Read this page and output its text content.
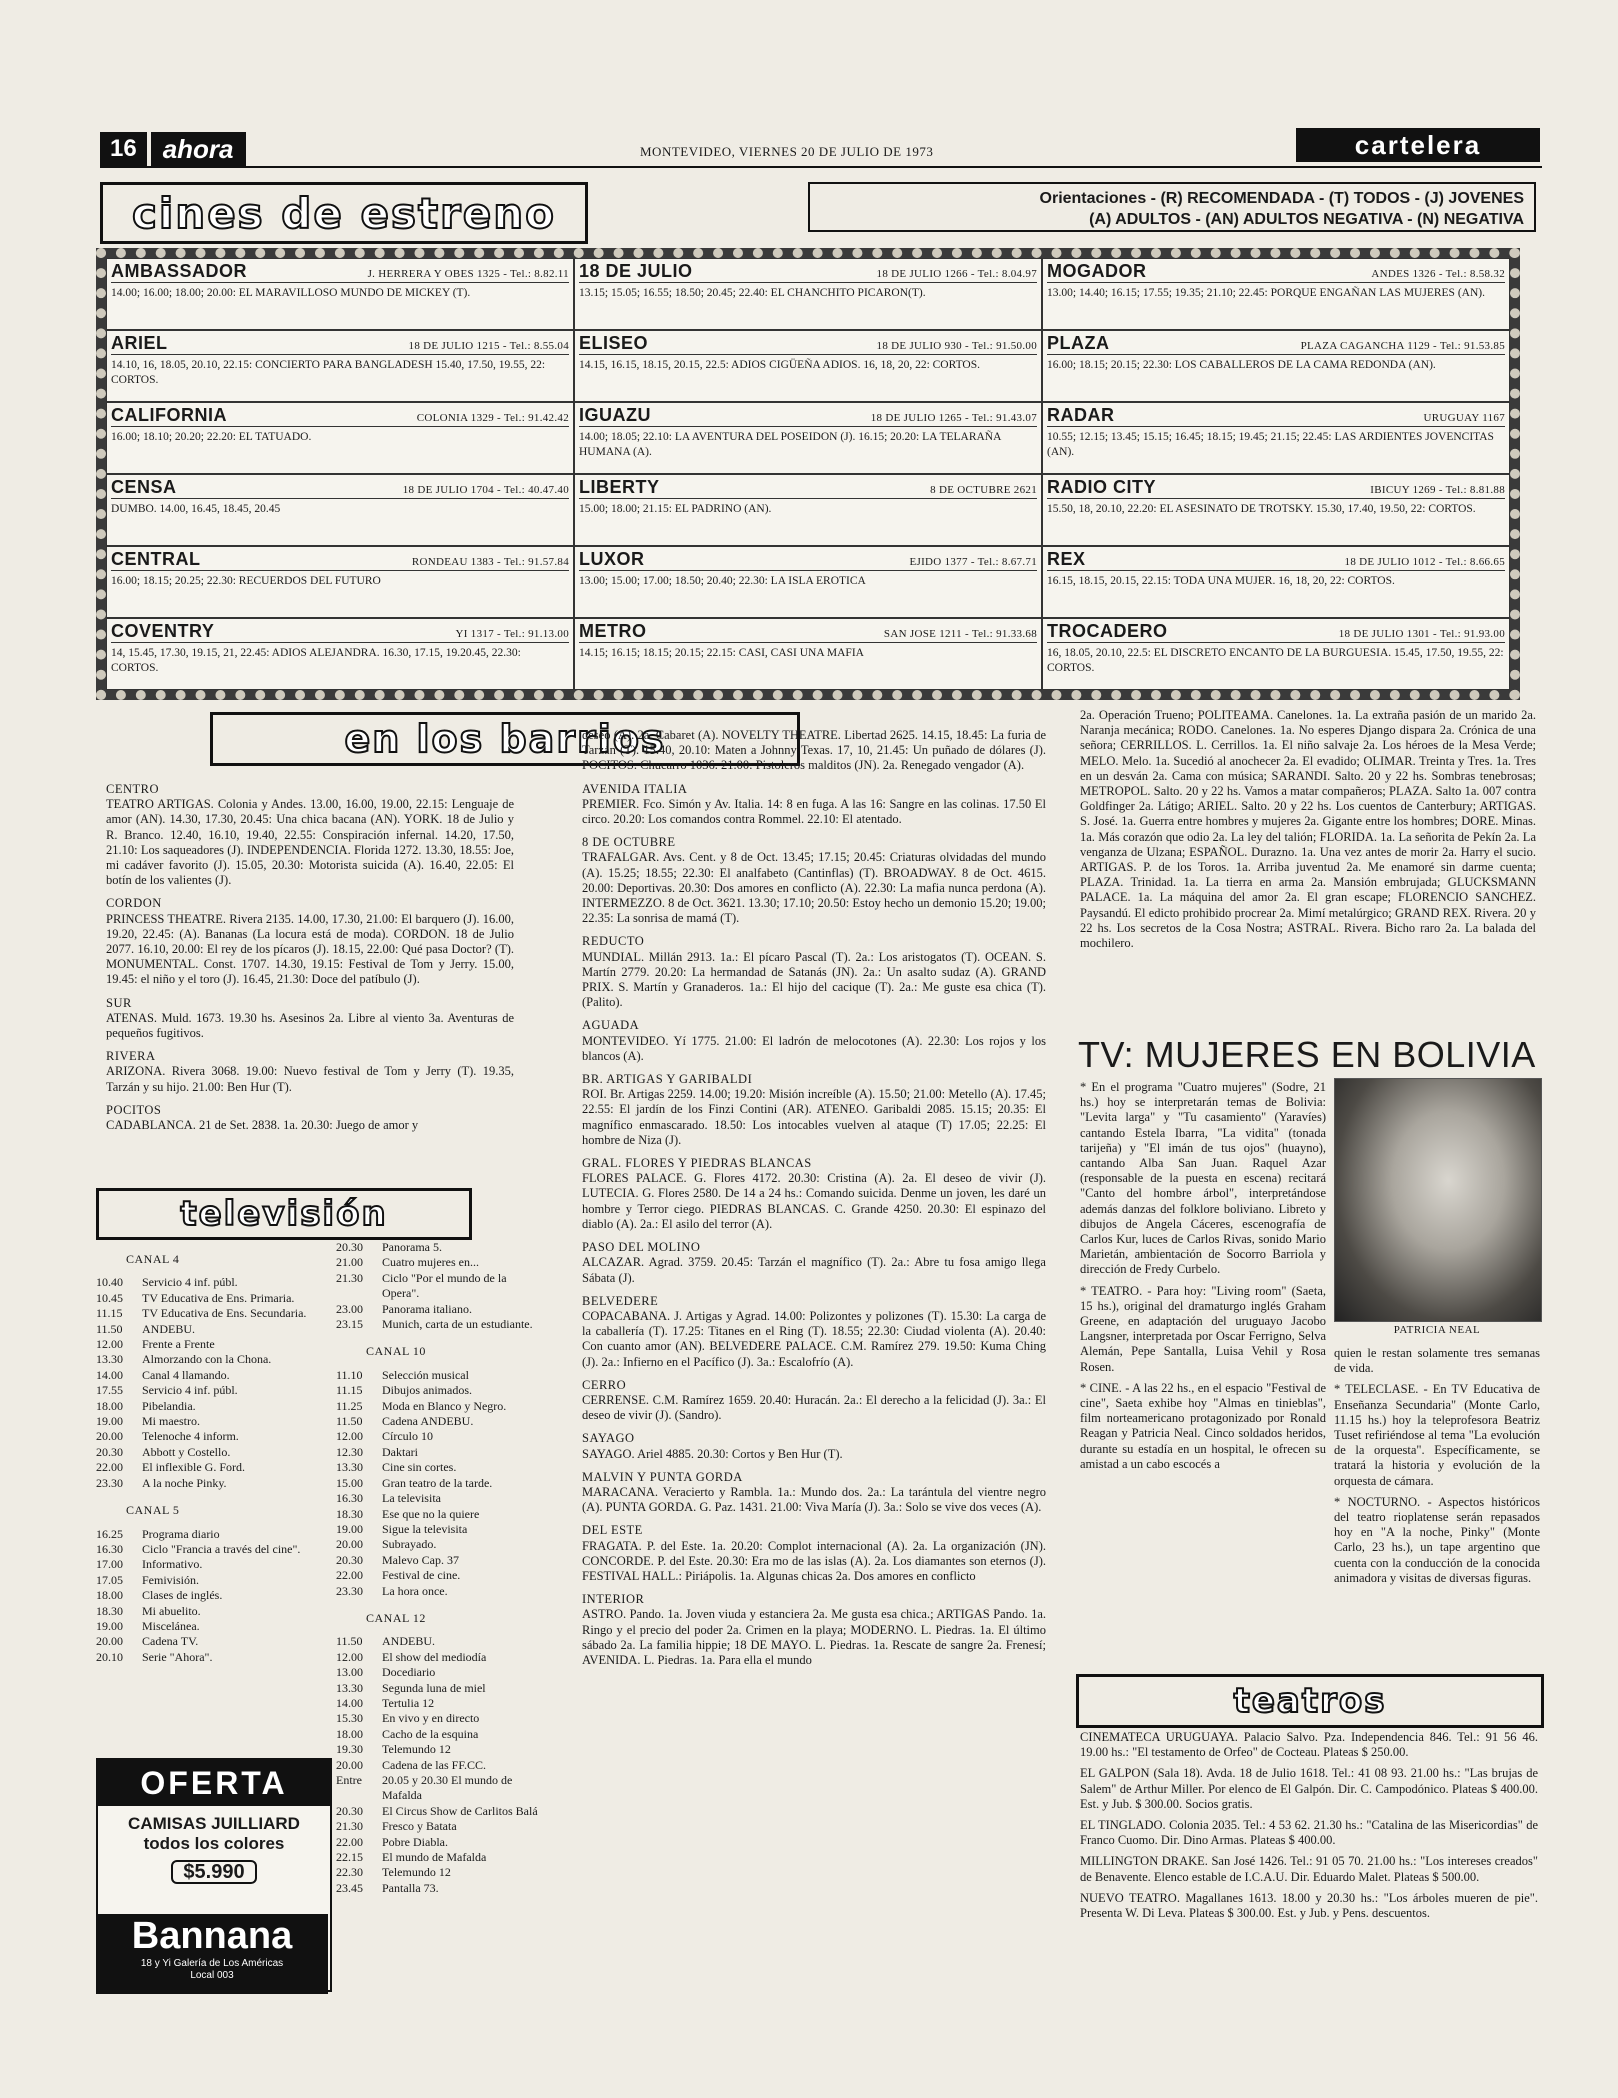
16	ahora	MONTEVIDEO, VIERNES 20 DE JULIO DE 1973	cartelera
cines de estreno	Orientaciones - (R) RECOMENDADA - (T) TODOS - (J) JOVENES
(A) ADULTOS - (AN) ADULTOS NEGATIVA - (N) NEGATIVA
AMBASSADOR	J. HERRERA Y OBES 1325 - Tel.: 8.82.11
14.00; 16.00; 18.00; 20.00: EL MARAVILLOSO MUNDO DE MICKEY (T).
18 DE JULIO	18 DE JULIO 1266 - Tel.: 8.04.97
13.15; 15.05; 16.55; 18.50; 20.45; 22.40: EL CHANCHITO PICARON(T).
MOGADOR	ANDES 1326 - Tel.: 8.58.32
13.00; 14.40; 16.15; 17.55; 19.35; 21.10; 22.45: PORQUE ENGAÑAN LAS MUJERES (AN).
ARIEL	18 DE JULIO 1215 - Tel.: 8.55.04
14.10, 16, 18.05, 20.10, 22.15: CONCIERTO PARA BANGLADESH 15.40, 17.50, 19.55, 22: CORTOS.
ELISEO	18 DE JULIO 930 - Tel.: 91.50.00
14.15, 16.15, 18.15, 20.15, 22.5: ADIOS CIGÜEÑA ADIOS. 16, 18, 20, 22: CORTOS.
PLAZA	PLAZA CAGANCHA 1129 - Tel.: 91.53.85
16.00; 18.15; 20.15; 22.30: LOS CABALLEROS DE LA CAMA REDONDA (AN).
CALIFORNIA	COLONIA 1329 - Tel.: 91.42.42
16.00; 18.10; 20.20; 22.20: EL TATUADO.
IGUAZU	18 DE JULIO 1265 - Tel.: 91.43.07
14.00; 18.05; 22.10: LA AVENTURA DEL POSEIDON (J). 16.15; 20.20: LA TELARAÑA HUMANA (A).
RADAR	URUGUAY 1167
10.55; 12.15; 13.45; 15.15; 16.45; 18.15; 19.45; 21.15; 22.45: LAS ARDIENTES JOVENCITAS (AN).
CENSA	18 DE JULIO 1704 - Tel.: 40.47.40
DUMBO. 14.00, 16.45, 18.45, 20.45
LIBERTY	8 DE OCTUBRE 2621
15.00; 18.00; 21.15: EL PADRINO (AN).
RADIO CITY	IBICUY 1269 - Tel.: 8.81.88
15.50, 18, 20.10, 22.20: EL ASESINATO DE TROTSKY. 15.30, 17.40, 19.50, 22: CORTOS.
CENTRAL	RONDEAU 1383 - Tel.: 91.57.84
16.00; 18.15; 20.25; 22.30: RECUERDOS DEL FUTURO
LUXOR	EJIDO 1377 - Tel.: 8.67.71
13.00; 15.00; 17.00; 18.50; 20.40; 22.30: LA ISLA EROTICA
REX	18 DE JULIO 1012 - Tel.: 8.66.65
16.15, 18.15, 20.15, 22.15: TODA UNA MUJER. 16, 18, 20, 22: CORTOS.
COVENTRY	YI 1317 - Tel.: 91.13.00
14, 15.45, 17.30, 19.15, 21, 22.45: ADIOS ALEJANDRA. 16.30, 17.15, 19.20.45, 22.30: CORTOS.
METRO	SAN JOSE 1211 - Tel.: 91.33.68
14.15; 16.15; 18.15; 20.15; 22.15: CASI, CASI UNA MAFIA
TROCADERO	18 DE JULIO 1301 - Tel.: 91.93.00
16, 18.05, 20.10, 22.5: EL DISCRETO ENCANTO DE LA BURGUESIA. 15.45, 17.50, 19.55, 22: CORTOS.
en los barrios
CENTRO
TEATRO ARTIGAS. Colonia y Andes. 13.00, 16.00, 19.00, 22.15: Lenguaje de amor (AN). 14.30, 17.30, 20.45: Una chica bacana (AN). YORK. 18 de Julio y R. Branco. 12.40, 16.10, 19.40, 22.55: Conspiración infernal. 14.20, 17.50, 21.10: Los saqueadores (J). INDEPENDENCIA. Florida 1272. 13.30, 18.55: Joe, mi cadáver favorito (J). 15.05, 20.30: Motorista suicida (A). 16.40, 22.05: El botín de los valientes (J).
CORDON
PRINCESS THEATRE. Rivera 2135. 14.00, 17.30, 21.00: El barquero (J). 16.00, 19.20, 22.45: (A). Bananas (La locura está de moda). CORDON. 18 de Julio 2077. 16.10, 20.00: El rey de los pícaros (J). 18.15, 22.00: Qué pasa Doctor? (T). MONUMENTAL. Const. 1707. 14.30, 19.15: Festival de Tom y Jerry. 15.00, 19.45: el niño y el toro (J). 16.45, 21.30: Doce del patíbulo (J).
SUR
ATENAS. Muld. 1673. 19.30 hs. Asesinos 2a. Libre al viento 3a. Aventuras de pequeños fugitivos.
RIVERA
ARIZONA. Rivera 3068. 19.00: Nuevo festival de Tom y Jerry (T). 19.35, Tarzán y su hijo. 21.00: Ben Hur (T).
POCITOS
CADABLANCA. 21 de Set. 2838. 1a. 20.30: Juego de amor y
deseo (A). 2a. Cabaret (A). NOVELTY THEATRE. Libertad 2625. 14.15, 18.45: La furia de Tarzán (T). 15.40, 20.10: Maten a Johnny Texas. 17, 10, 21.45: Un puñado de dólares (J). POCITOS. Chucarro 1036. 21.00: Pistoleros malditos (JN). 2a. Renegado vengador (A).
AVENIDA ITALIA
PREMIER. Fco. Simón y Av. Italia. 14: 8 en fuga. A las 16: Sangre en las colinas. 17.50 El circo. 20.20: Los comandos contra Rommel. 22.10: El atentado.
8 DE OCTUBRE
TRAFALGAR. Avs. Cent. y 8 de Oct. 13.45; 17.15; 20.45: Criaturas olvidadas del mundo (A). 15.25; 18.55; 22.30: El analfabeto (Cantinflas) (T). BROADWAY. 8 de Oct. 4615. 20.00: Deportivas. 20.30: Dos amores en conflicto (A). 22.30: La mafia nunca perdona (A). INTERMEZZO. 8 de Oct. 3621. 13.30; 17.10; 20.50: Estoy hecho un demonio 15.20; 19.00; 22.35: La sonrisa de mamá (T).
REDUCTO
MUNDIAL. Millán 2913. 1a.: El pícaro Pascal (T). 2a.: Los aristogatos (T). OCEAN. S. Martín 2779. 20.20: La hermandad de Satanás (JN). 2a.: Un asalto sudaz (A). GRAND PRIX. S. Martín y Granaderos. 1a.: El hijo del cacique (T). 2a.: Me guste esa chica (T). (Palito).
AGUADA
MONTEVIDEO. Yí 1775. 21.00: El ladrón de melocotones (A). 22.30: Los rojos y los blancos (A).
BR. ARTIGAS Y GARIBALDI
ROI. Br. Artigas 2259. 14.00; 19.20: Misión increíble (A). 15.50; 21.00: Metello (A). 17.45; 22.55: El jardín de los Finzi Contini (AR). ATENEO. Garibaldi 2085. 15.15; 20.35: El magnífico enmascarado. 18.50: Los intocables vuelven al ataque (T) 17.05; 22.25: El hombre de Niza (J).
GRAL. FLORES Y PIEDRAS BLANCAS
FLORES PALACE. G. Flores 4172. 20.30: Cristina (A). 2a. El deseo de vivir (J). LUTECIA. G. Flores 2580. De 14 a 24 hs.: Comando suicida. Denme un joven, les daré un hombre y Terror ciego. PIEDRAS BLANCAS. C. Grande 4250. 20.30: El espinazo del diablo (A). 2a.: El asilo del terror (A).
PASO DEL MOLINO
ALCAZAR. Agrad. 3759. 20.45: Tarzán el magnífico (T). 2a.: Abre tu fosa amigo llega Sábata (J).
BELVEDERE
COPACABANA. J. Artigas y Agrad. 14.00: Polizontes y polizones (T). 15.30: La carga de la caballería (T). 17.25: Titanes en el Ring (T). 18.55; 22.30: Ciudad violenta (A). 20.40: Con cuanto amor (AN). BELVEDERE PALACE. C.M. Ramírez 279. 19.50: Kuma Ching (J). 2a.: Infierno en el Pacífico (J). 3a.: Escalofrío (A).
CERRO
CERRENSE. C.M. Ramírez 1659. 20.40: Huracán. 2a.: El derecho a la felicidad (J). 3a.: El deseo de vivir (J). (Sandro).
SAYAGO
SAYAGO. Ariel 4885. 20.30: Cortos y Ben Hur (T).
MALVIN Y PUNTA GORDA
MARACANA. Veracierto y Rambla. 1a.: Mundo dos. 2a.: La tarántula del vientre negro (A). PUNTA GORDA. G. Paz. 1431. 21.00: Viva María (J). 3a.: Solo se vive dos veces (A).
DEL ESTE
FRAGATA. P. del Este. 1a. 20.20: Complot internacional (A). 2a. La organización (JN). CONCORDE. P. del Este. 20.30: Era mo de las islas (A). 2a. Los diamantes son eternos (J). FESTIVAL HALL.: Piriápolis. 1a. Algunas chicas 2a. Dos amores en conflicto
INTERIOR
ASTRO. Pando. 1a. Joven viuda y estanciera 2a. Me gusta esa chica.; ARTIGAS Pando. 1a. Ringo y el precio del poder 2a. Crimen en la playa; MODERNO. L. Piedras. 1a. El último sábado 2a. La familia hippie; 18 DE MAYO. L. Piedras. 1a. Rescate de sangre 2a. Frenesí; AVENIDA. L. Piedras. 1a. Para ella el mundo
2a. Operación Trueno; POLITEAMA. Canelones. 1a. La extraña pasión de un marido 2a. Naranja mecánica; RODO. Canelones. 1a. No esperes Django dispara 2a. Crónica de una señora; CERRILLOS. L. Cerrillos. 1a. El niño salvaje 2a. Los héroes de la Mesa Verde; MELO. Melo. 1a. Sucedió al anochecer 2a. El evadido; OLIMAR. Treinta y Tres. 1a. Tres en un desván 2a. Cama con música; SARANDI. Salto. 20 y 22 hs. Sombras tenebrosas; METROPOL. Salto. 20 y 22 hs. Vamos a matar compañeros; PLAZA. Salto 1a. 007 contra Goldfinger 2a. Látigo; ARIEL. Salto. 20 y 22 hs. Los cuentos de Canterbury; ARTIGAS. S. José. 1a. Guerra entre hombres y mujeres 2a. Gigante entre los hombres; DORE. Minas. 1a. Más corazón que odio 2a. La ley del talión; FLORIDA. 1a. La señorita de Pekín 2a. La venganza de Ulzana; ESPAÑOL. Durazno. 1a. Una vez antes de morir 2a. Harry el sucio. ARTIGAS. P. de los Toros. 1a. Arriba juventud 2a. Me enamoré sin darme cuenta; PLAZA. Trinidad. 1a. La tierra en arma 2a. Mansión embrujada; GLUCKSMANN PALACE. 1a. La máquina del amor 2a. El gran escape; FLORENCIO SANCHEZ. Paysandú. El edicto prohibido procrear 2a. Mimí metalúrgico; GRAND REX. Rivera. 20 y 22 hs. Los secretos de la Cosa Nostra; ASTRAL. Rivera. Bicho raro 2a. La balada del mochilero.
televisión
CANAL 4
10.40	Servicio 4 inf. públ.
10.45	TV Educativa de Ens. Primaria.
11.15	TV Educativa de Ens. Secundaria.
11.50	ANDEBU.
12.00	Frente a Frente
13.30	Almorzando con la Chona.
14.00	Canal 4 llamando.
17.55	Servicio 4 inf. públ.
18.00	Pibelandia.
19.00	Mi maestro.
20.00	Telenoche 4 inform.
20.30	Abbott y Costello.
22.00	El inflexible G. Ford.
23.30	A la noche Pinky.
CANAL 5
16.25	Programa diario
16.30	Ciclo "Francia a través del cine".
17.00	Informativo.
17.05	Femivisión.
18.00	Clases de inglés.
18.30	Mi abuelito.
19.00	Misceláneа.
20.00	Cadena TV.
20.10	Serie "Ahora".
20.30	Panorama 5.
21.00	Cuatro mujeres en...
21.30	Ciclo "Por el mundo de la Opera".
23.00	Panorama italiano.
23.15	Munich, carta de un estudiante.
CANAL 10
11.10	Selección musical
11.15	Dibujos animados.
11.25	Moda en Blanco y Negro.
11.50	Cadena ANDEBU.
12.00	Círculo 10
12.30	Daktari
13.30	Cine sin cortes.
15.00	Gran teatro de la tarde.
16.30	La televisita
18.30	Ese que no la quiere
19.00	Sigue la televisita
20.00	Subrayado.
20.30	Malevo Cap. 37
22.00	Festival de cine.
23.30	La hora once.
CANAL 12
11.50	ANDEBU.
12.00	El show del mediodía
13.00	Docediario
13.30	Segunda luna de miel
14.00	Tertulia 12
15.30	En vivo y en directo
18.00	Cacho de la esquina
19.30	Telemundo 12
20.00	Cadena de las FF.CC.
Entre	20.05 y 20.30 El mundo de Mafalda
20.30	El Circus Show de Carlitos Balá
21.30	Fresco y Batata
22.00	Pobre Diabla.
22.15	El mundo de Mafalda
22.30	Telemundo 12
23.45	Pantalla 73.
OFERTA
CAMISAS JUILLIARD
todos los colores
$5.990
Bannana
18 y Yi Galería de Los Américas
Local 003
TV: MUJERES EN BOLIVIA
PATRICIA NEAL

* En el programa "Cuatro mujeres" (Sodre, 21 hs.) hoy se interpretarán temas de Bolivia: "Levita larga" y "Tu casamiento" (Yaravíes) cantando Estela Ibarra, "La vidita" (tonada tarijeña) y "El imán de tus ojos" (huayno), cantando Alba San Juan. Raquel Azar (responsable de la puesta en escena) recitará "Canto del hombre árbol", interpretándose además danzas del folklore boliviano. Libreto y dibujos de Angela Cáceres, escenografía de Carlos Kur, luces de Carlos Rivas, sonido Mario Marietán, ambientación de Socorro Barriola y dirección de Fredy Curbelo.

* TEATRO. - Para hoy: "Living room" (Saeta, 15 hs.), original del dramaturgo inglés Graham Greene, en adaptación del uruguayo Jacobo Langsner, interpretada por Oscar Ferrigno, Selva Alemán, Pepe Santalla, Luisa Vehil y Rosa Rosen.

* CINE. - A las 22 hs., en el espacio "Festival de cine", Saeta exhibe hoy "Almas en tinieblas", film norteamericano protagonizado por Ronald Reagan y Patricia Neal. Cinco soldados heridos, durante su estadía en un hospital, le ofrecen su amistad a un cabo escocés a

quien le restan solamente tres semanas de vida.

* TELECLASE. - En TV Educativa de Enseñanza Secundaria" (Monte Carlo, 11.15 hs.) hoy la teleprofesora Beatriz Tuset refiriéndose al tema "La evolución de la orquesta". Específicamente, se tratará la historia y evolución de la orquesta de cámara.

* NOCTURNO. - Aspectos históricos del teatro rioplatense serán repasados hoy en "A la noche, Pinky" (Monte Carlo, 23 hs.), un tape argentino que cuenta con la conducción de la conocida animadora y visitas de diversas figuras.

teatros

CINEMATECA URUGUAYA. Palacio Salvo. Pza. Independencia 846. Tel.: 91 56 46. 19.00 hs.: "El testamento de Orfeo" de Cocteau. Plateas $ 250.00.

EL GALPON (Sala 18). Avda. 18 de Julio 1618. Tel.: 41 08 93. 21.00 hs.: "Las brujas de Salem" de Arthur Miller. Por elenco de El Galpón. Dir. C. Campodónico. Plateas $ 400.00. Est. y Jub. $ 300.00. Socios gratis.

EL TINGLADO. Colonia 2035. Tel.: 4 53 62. 21.30 hs.: "Catalina de las Misericordias" de Franco Cuomo. Dir. Dino Armas. Plateas $ 400.00.

MILLINGTON DRAKE. San José 1426. Tel.: 91 05 70. 21.00 hs.: "Los intereses creados" de Benavente. Elenco estable de I.C.A.U. Dir. Eduardo Malet. Plateas $ 500.00.

NUEVO TEATRO. Magallanes 1613. 18.00 y 20.30 hs.: "Los árboles mueren de pie". Presenta W. Di Leva. Plateas $ 300.00. Est. y Jub. y Pens. descuentos.
